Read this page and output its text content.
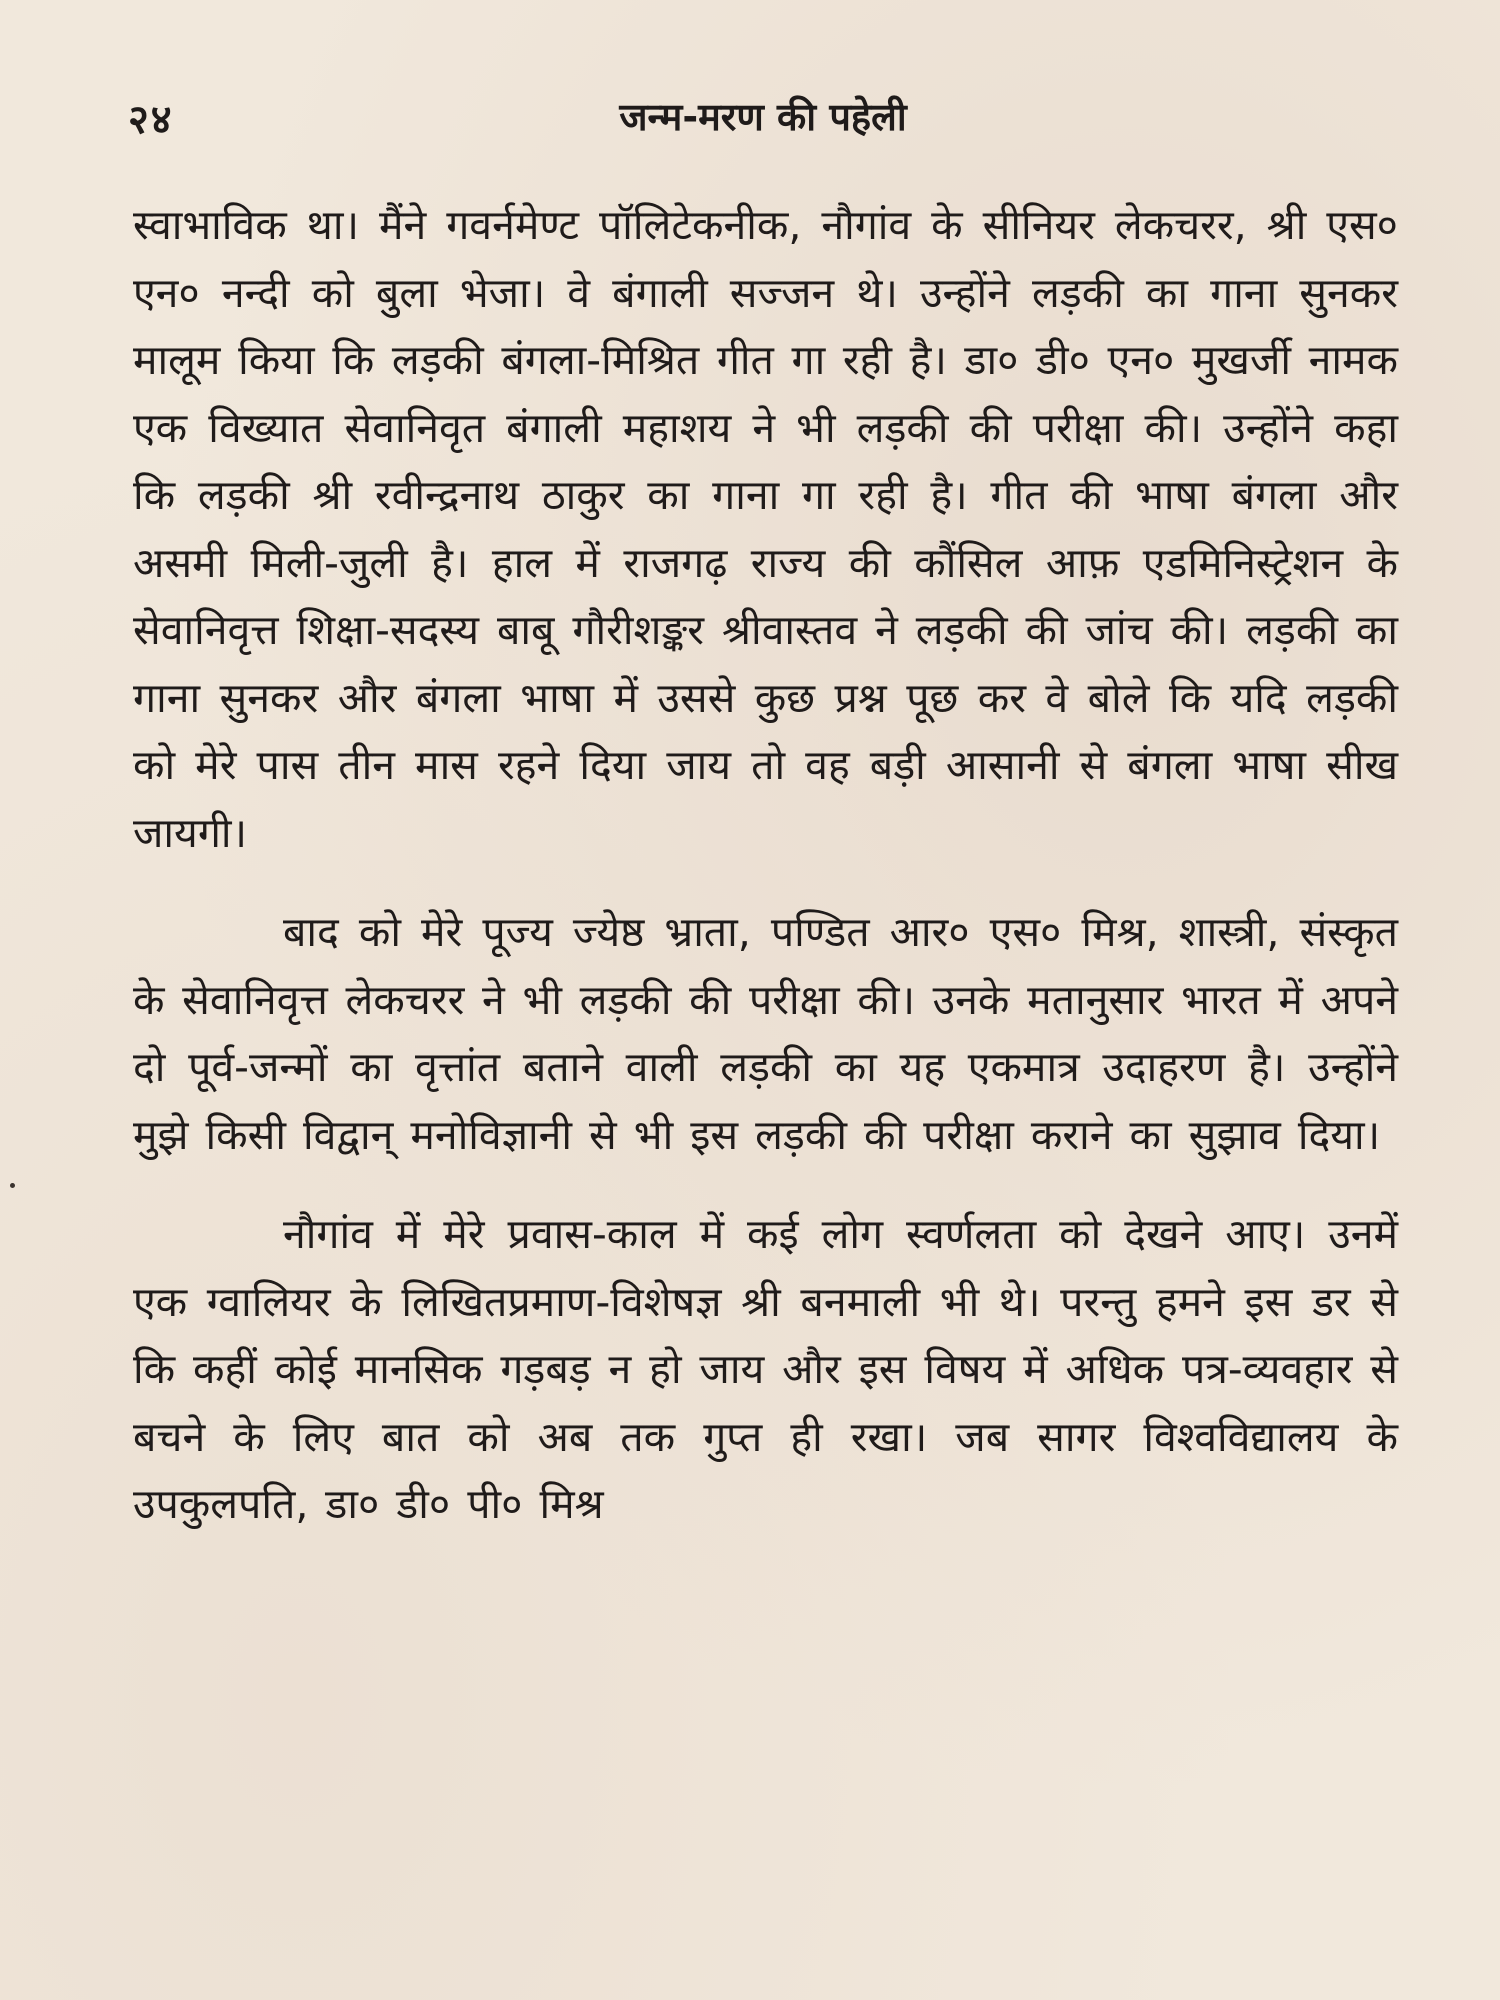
२४	जन्म-मरण की पहेली

स्वाभाविक था। मैंने गवर्नमेण्ट पॉलिटेकनीक, नौगांव के सीनियर लेकचरर, श्री एस० एन० नन्दी को बुला भेजा। वे बंगाली सज्जन थे। उन्होंने लड़की का गाना सुनकर मालूम किया कि लड़की बंगला-मिश्रित गीत गा रही है। डा० डी० एन० मुखर्जी नामक एक विख्यात सेवानिवृत बंगाली महाशय ने भी लड़की की परीक्षा की। उन्होंने कहा कि लड़की श्री रवीन्द्रनाथ ठाकुर का गाना गा रही है। गीत की भाषा बंगला और असमी मिली-जुली है। हाल में राजगढ़ राज्य की कौंसिल आफ़ एडमिनिस्ट्रेशन के सेवानिवृत्त शिक्षा-सदस्य बाबू गौरीशङ्कर श्रीवास्तव ने लड़की की जांच की। लड़की का गाना सुनकर और बंगला भाषा में उससे कुछ प्रश्न पूछ कर वे बोले कि यदि लड़की को मेरे पास तीन मास रहने दिया जाय तो वह बड़ी आसानी से बंगला भाषा सीख जायगी।

बाद को मेरे पूज्य ज्येष्ठ भ्राता, पण्डित आर० एस० मिश्र, शास्त्री, संस्कृत के सेवानिवृत्त लेकचरर ने भी लड़की की परीक्षा की। उनके मतानुसार भारत में अपने दो पूर्व-जन्मों का वृत्तांत बताने वाली लड़की का यह एकमात्र उदाहरण है। उन्होंने मुझे किसी विद्वान् मनोविज्ञानी से भी इस लड़की की परीक्षा कराने का सुझाव दिया।

नौगांव में मेरे प्रवास-काल में कई लोग स्वर्णलता को देखने आए। उनमें एक ग्वालियर के लिखितप्रमाण-विशेषज्ञ श्री बनमाली भी थे। परन्तु हमने इस डर से कि कहीं कोई मानसिक गड़बड़ न हो जाय और इस विषय में अधिक पत्र-व्यवहार से बचने के लिए बात को अब तक गुप्त ही रखा। जब सागर विश्वविद्यालय के उपकुलपति, डा० डी० पी० मिश्र
